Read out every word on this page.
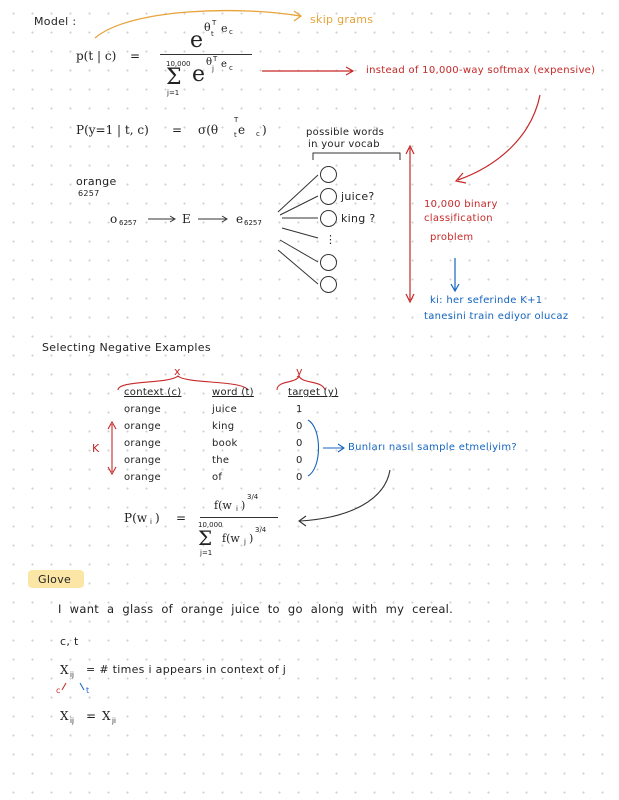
Model :	skip grams
p(t | c) =
e
θ T
t e c
10,000
Σ
j=1
e θ T
j e c	instead of 10,000-way softmax (expensive)
P(y=1 | t, c) = σ(θ
T
t e c )	possible words
in your vocab
orange
6257
o 6257	E	e 6257
juice?
king ?
⋮
10,000 binary
classification
problem
ki: her seferinde K+1
tanesini train ediyor olucaz
Selecting Negative Examples
x	y
context (c)	word (t)	target (y)
K
orange	juice	1
orange	king	0
orange	book	0
orange	the	0
orange	of	0
Bunları nasıl sample etmeliyim?
P(w i ) =
f(w i )
3/4
10,000
Σ
j=1
f(w j )
3/4
Glove
I want a glass of orange juice to go along with my cereal.
c, t
X ij = # times i appears in context of j
c	t
X ij = X ji
